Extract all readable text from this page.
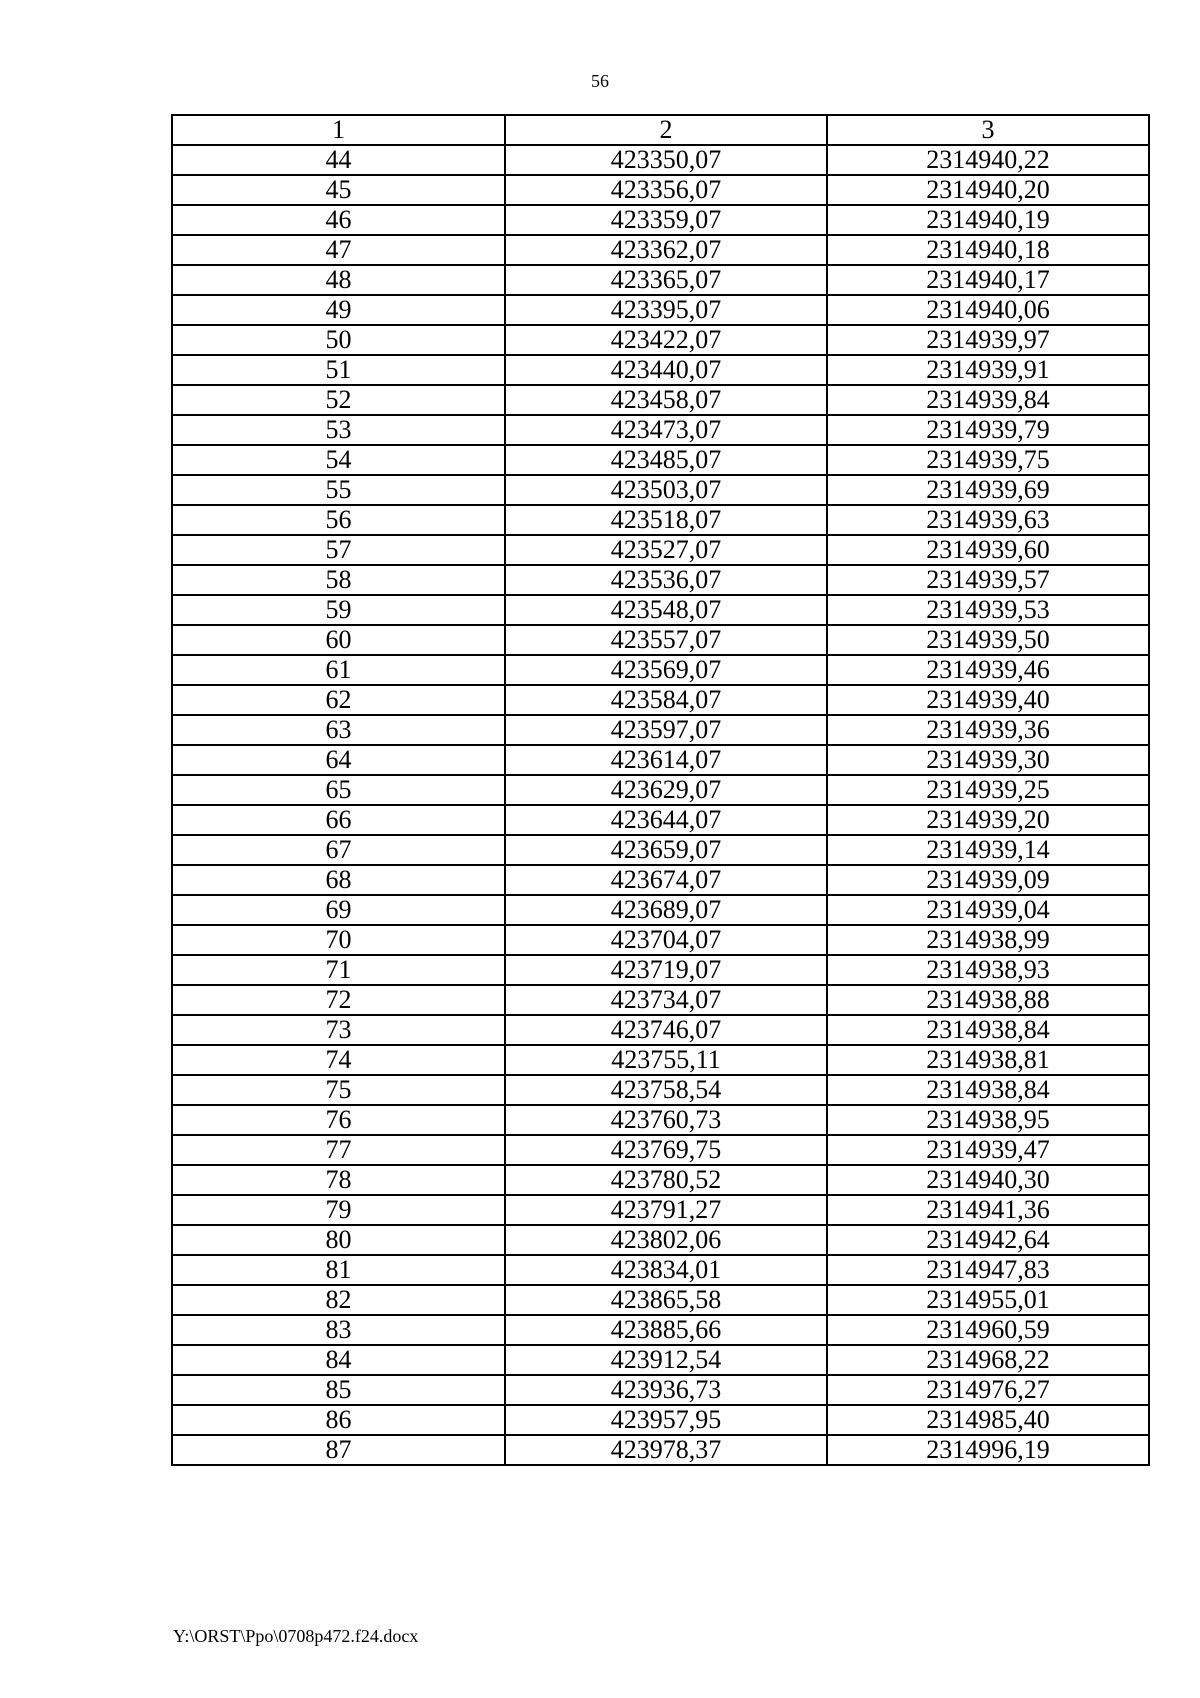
56
1	2	3
44	423350,07	2314940,22
45	423356,07	2314940,20
46	423359,07	2314940,19
47	423362,07	2314940,18
48	423365,07	2314940,17
49	423395,07	2314940,06
50	423422,07	2314939,97
51	423440,07	2314939,91
52	423458,07	2314939,84
53	423473,07	2314939,79
54	423485,07	2314939,75
55	423503,07	2314939,69
56	423518,07	2314939,63
57	423527,07	2314939,60
58	423536,07	2314939,57
59	423548,07	2314939,53
60	423557,07	2314939,50
61	423569,07	2314939,46
62	423584,07	2314939,40
63	423597,07	2314939,36
64	423614,07	2314939,30
65	423629,07	2314939,25
66	423644,07	2314939,20
67	423659,07	2314939,14
68	423674,07	2314939,09
69	423689,07	2314939,04
70	423704,07	2314938,99
71	423719,07	2314938,93
72	423734,07	2314938,88
73	423746,07	2314938,84
74	423755,11	2314938,81
75	423758,54	2314938,84
76	423760,73	2314938,95
77	423769,75	2314939,47
78	423780,52	2314940,30
79	423791,27	2314941,36
80	423802,06	2314942,64
81	423834,01	2314947,83
82	423865,58	2314955,01
83	423885,66	2314960,59
84	423912,54	2314968,22
85	423936,73	2314976,27
86	423957,95	2314985,40
87	423978,37	2314996,19
Y:\ORST\Ppo\0708p472.f24.docx
